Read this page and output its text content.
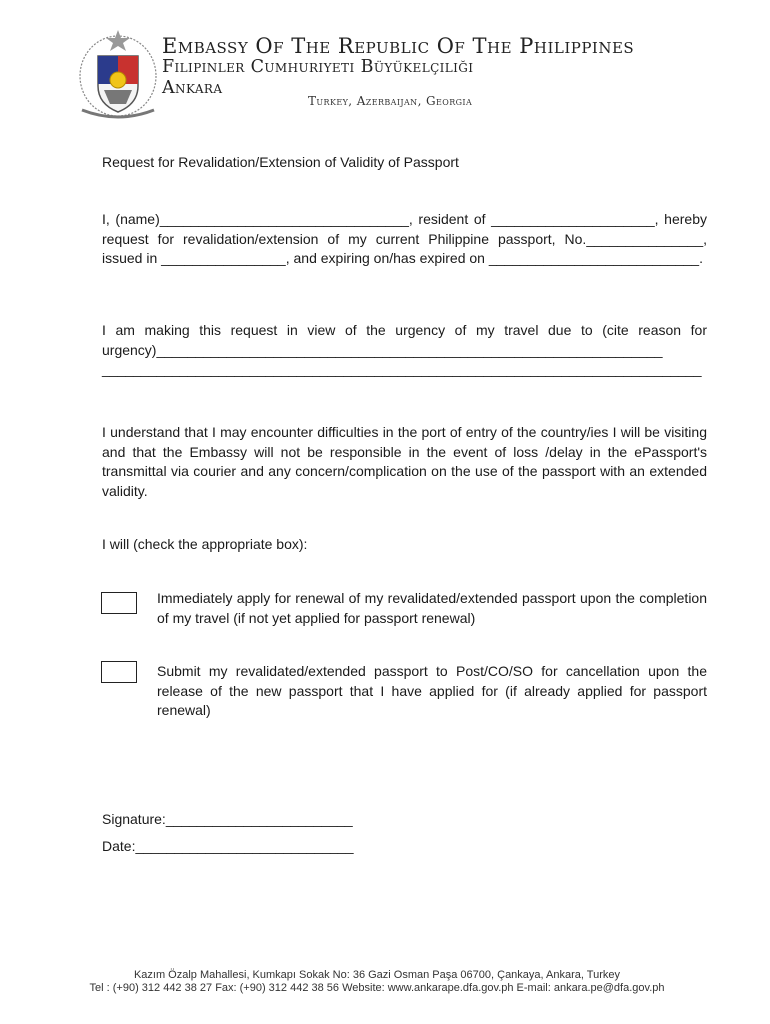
Embassy Of The Republic Of The Philippines
Filipinler Cumhuriyeti Büyükelçiliği
Ankara
Turkey, Azerbaijan, Georgia
Request for Revalidation/Extension of Validity of Passport
I, (name)________________________________, resident of _____________________, hereby request for revalidation/extension of my current Philippine passport, No._______________, issued in ________________, and expiring on/has expired on ___________________________.
I am making this request in view of the urgency of my travel due to (cite reason for urgency)_________________________________________________________________ _____________________________________________________________________________
I understand that I may encounter difficulties in the port of entry of the country/ies I will be visiting and that the Embassy will not be responsible in the event of loss /delay in the ePassport's transmittal via courier and any concern/complication on the use of the passport with an extended validity.
I will (check the appropriate box):
Immediately apply for renewal of my revalidated/extended passport upon the completion of my travel (if not yet applied for passport renewal)
Submit my revalidated/extended passport to Post/CO/SO for cancellation upon the release of the new passport that I have applied for (if already applied for passport renewal)
Signature:________________________
Date:____________________________
Kazım Özalp Mahallesi, Kumkapı Sokak No: 36 Gazi Osman Paşa 06700, Çankaya, Ankara, Turkey
Tel : (+90) 312 442 38 27 Fax: (+90) 312 442 38 56 Website: www.ankarape.dfa.gov.ph E-mail: ankara.pe@dfa.gov.ph
